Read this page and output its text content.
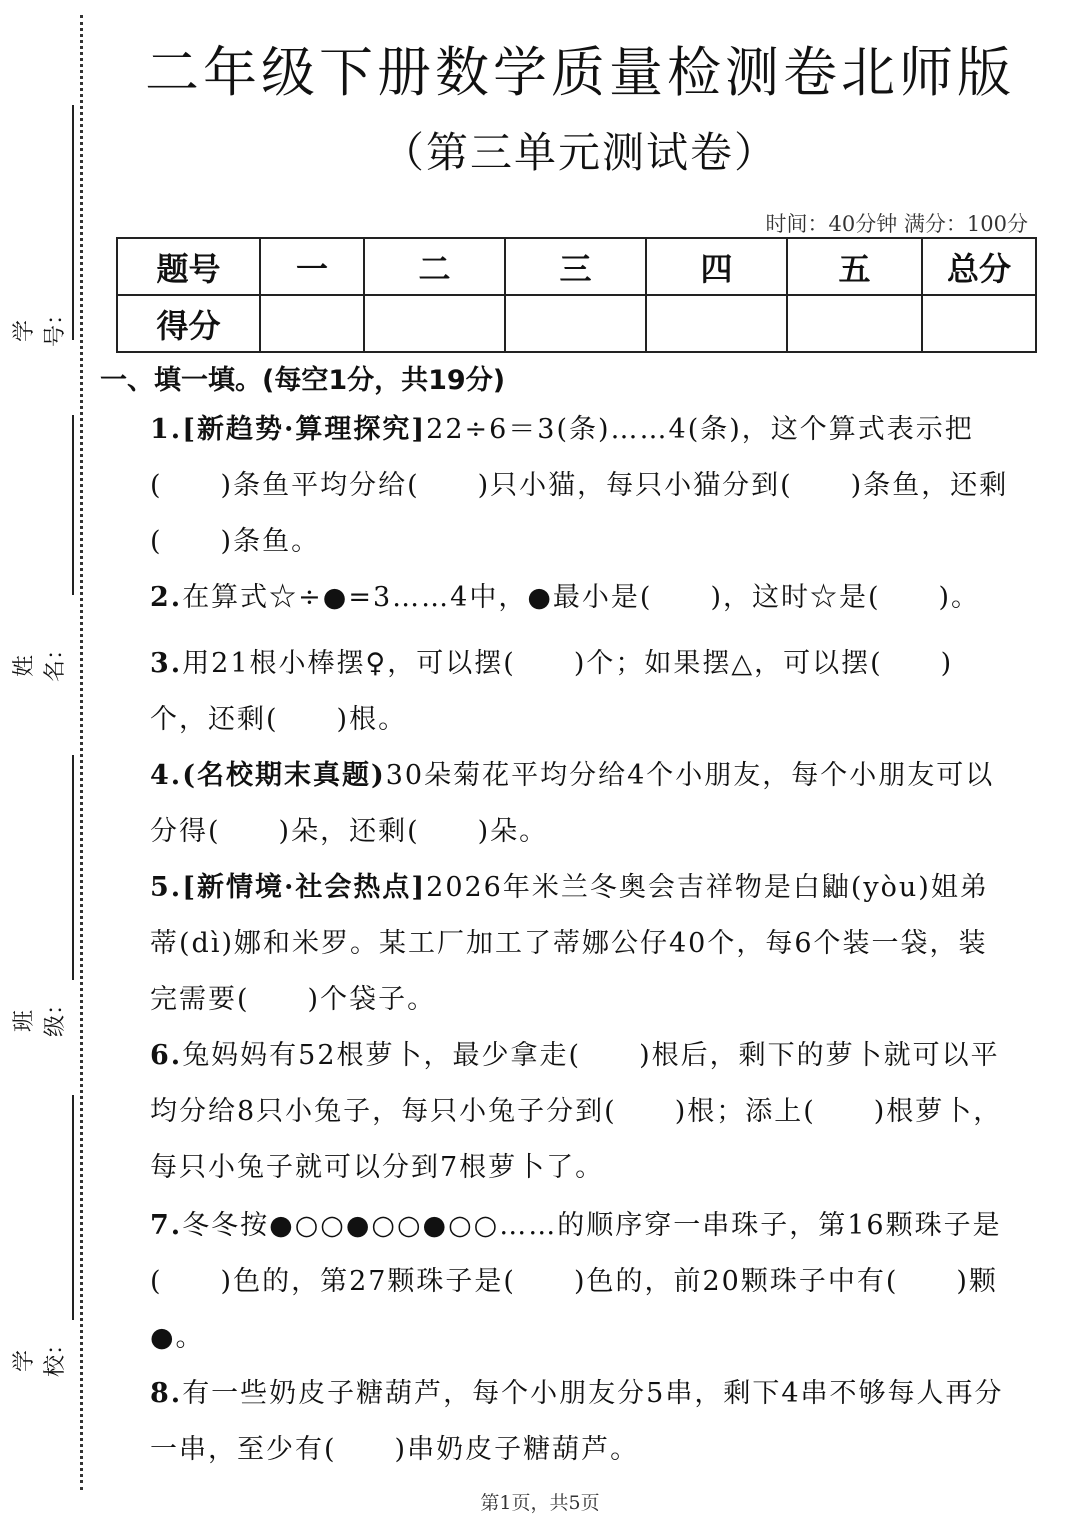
学号：
姓名：
班级：
学校：
二年级下册数学质量检测卷北师版
（第三单元测试卷）
时间：40分钟 满分：100分
题号	一	二	三	四	五	总分
得分						
一、填一填。(每空1分，共19分)
1.[新趋势·算理探究]22÷6＝3(条)……4(条)，这个算式表示把(　　)条鱼平均分给(　　)只小猫，每只小猫分到(　　)条鱼，还剩(　　)条鱼。
2.在算式☆÷●=3……4中，●最小是(　　)，这时☆是(　　)。
3.用21根小棒摆♀，可以摆(　　)个；如果摆△，可以摆(　　)个，还剩(　　)根。
4.(名校期末真题)30朵菊花平均分给4个小朋友，每个小朋友可以分得(　　)朵，还剩(　　)朵。
5.[新情境·社会热点]2026年米兰冬奥会吉祥物是白鼬(yòu)姐弟蒂(dì)娜和米罗。某工厂加工了蒂娜公仔40个，每6个装一袋，装完需要(　　)个袋子。
6.兔妈妈有52根萝卜，最少拿走(　　)根后，剩下的萝卜就可以平均分给8只小兔子，每只小兔子分到(　　)根；添上(　　)根萝卜，每只小兔子就可以分到7根萝卜了。
7.冬冬按●○○●○○●○○……的顺序穿一串珠子，第16颗珠子是(　　)色的，第27颗珠子是(　　)色的，前20颗珠子中有(　　)颗●。
8.有一些奶皮子糖葫芦，每个小朋友分5串，剩下4串不够每人再分一串，至少有(　　)串奶皮子糖葫芦。
第1页，共5页
